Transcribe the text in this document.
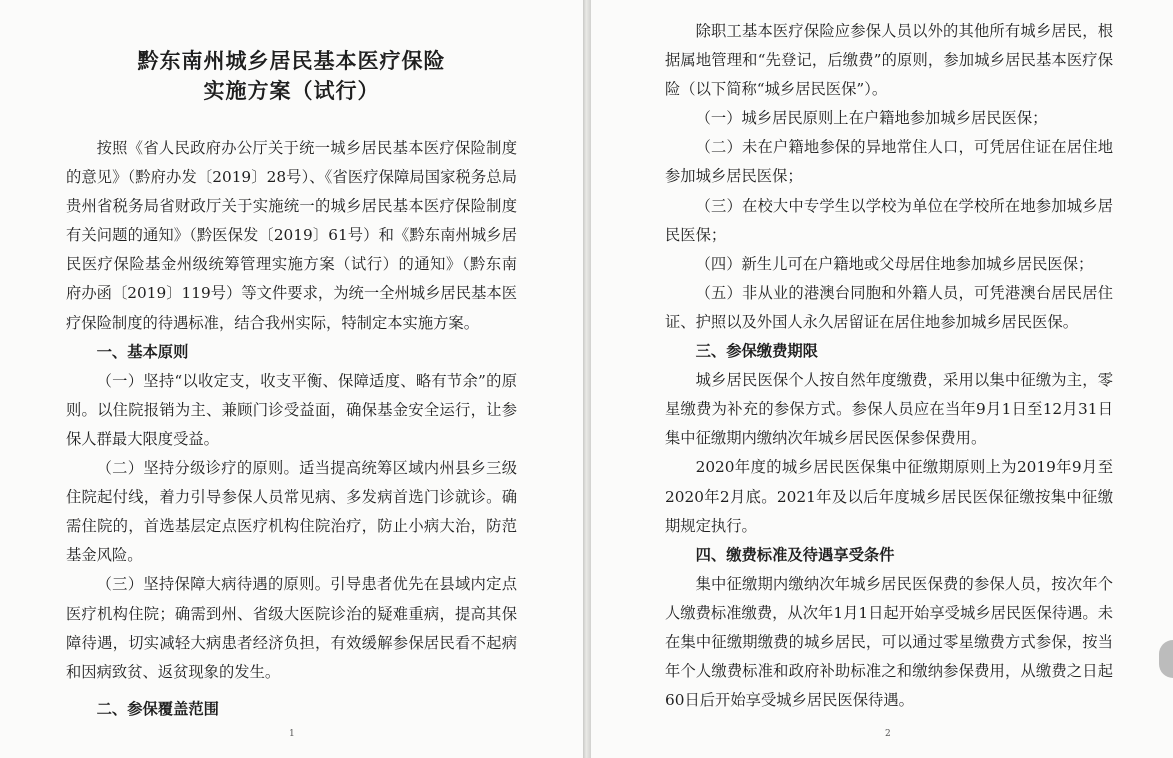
黔东南州城乡居民基本医疗保险
实施方案（试行）

按照《省人民政府办公厅关于统一城乡居民基本医疗保险制度的意见》（黔府办发〔2019〕28号）、《省医疗保障局国家税务总局贵州省税务局省财政厅关于实施统一的城乡居民基本医疗保险制度有关问题的通知》（黔医保发〔2019〕61号）和《黔东南州城乡居民医疗保险基金州级统筹管理实施方案（试行）的通知》（黔东南府办函〔2019〕119号）等文件要求，为统一全州城乡居民基本医疗保险制度的待遇标准，结合我州实际，特制定本实施方案。

一、基本原则

（一）坚持“以收定支，收支平衡、保障适度、略有节余”的原则。以住院报销为主、兼顾门诊受益面，确保基金安全运行，让参保人群最大限度受益。

（二）坚持分级诊疗的原则。适当提高统筹区域内州县乡三级住院起付线，着力引导参保人员常见病、多发病首选门诊就诊。确需住院的，首选基层定点医疗机构住院治疗，防止小病大治，防范基金风险。

（三）坚持保障大病待遇的原则。引导患者优先在县域内定点医疗机构住院；确需到州、省级大医院诊治的疑难重病，提高其保障待遇，切实减轻大病患者经济负担，有效缓解参保居民看不起病和因病致贫、返贫现象的发生。

二、参保覆盖范围

1

除职工基本医疗保险应参保人员以外的其他所有城乡居民，根据属地管理和“先登记，后缴费”的原则，参加城乡居民基本医疗保险（以下简称“城乡居民医保”）。

（一）城乡居民原则上在户籍地参加城乡居民医保；

（二）未在户籍地参保的异地常住人口，可凭居住证在居住地参加城乡居民医保；

（三）在校大中专学生以学校为单位在学校所在地参加城乡居民医保；

（四）新生儿可在户籍地或父母居住地参加城乡居民医保；

（五）非从业的港澳台同胞和外籍人员，可凭港澳台居民居住证、护照以及外国人永久居留证在居住地参加城乡居民医保。

三、参保缴费期限

城乡居民医保个人按自然年度缴费，采用以集中征缴为主，零星缴费为补充的参保方式。参保人员应在当年9月1日至12月31日集中征缴期内缴纳次年城乡居民医保参保费用。

2020年度的城乡居民医保集中征缴期原则上为2019年9月至2020年2月底。2021年及以后年度城乡居民医保征缴按集中征缴期规定执行。

四、缴费标准及待遇享受条件

集中征缴期内缴纳次年城乡居民医保费的参保人员，按次年个人缴费标准缴费，从次年1月1日起开始享受城乡居民医保待遇。未在集中征缴期缴费的城乡居民，可以通过零星缴费方式参保，按当年个人缴费标准和政府补助标准之和缴纳参保费用，从缴费之日起60日后开始享受城乡居民医保待遇。

2
